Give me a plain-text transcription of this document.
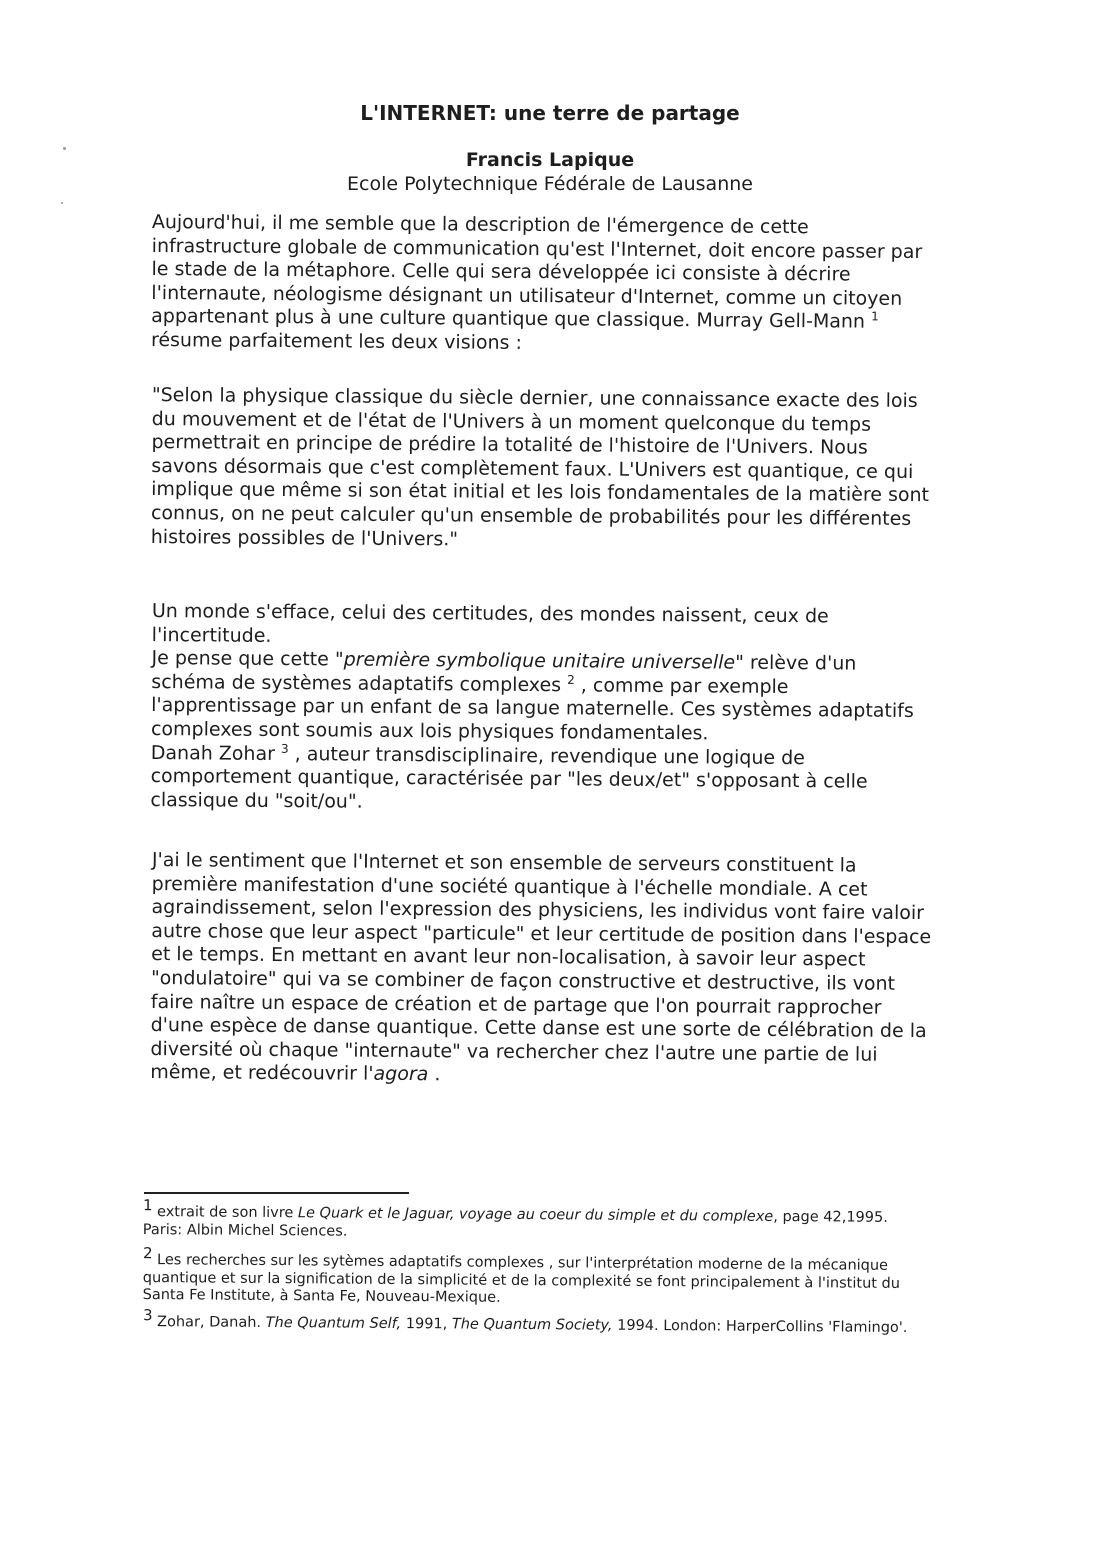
L'INTERNET: une terre de partage
Francis Lapique
Ecole Polytechnique Fédérale de Lausanne

Aujourd'hui, il me semble que la description de l'émergence de cette infrastructure globale de communication qu'est l'Internet, doit encore passer par le stade de la métaphore. Celle qui sera développée ici consiste à décrire l'internaute, néologisme désignant un utilisateur d'Internet, comme un citoyen appartenant plus à une culture quantique que classique. Murray Gell-Mann $^1$ résume parfaitement les deux visions :

"Selon la physique classique du siècle dernier, une connaissance exacte des lois du mouvement et de l'état de l'Univers à un moment quelconque du temps permettrait en principe de prédire la totalité de l'histoire de l'Univers. Nous savons désormais que c'est complètement faux. L'Univers est quantique, ce qui implique que même si son état initial et les lois fondamentales de la matière sont connus, on ne peut calculer qu'un ensemble de probabilités pour les différentes histoires possibles de l'Univers."

Un monde s'efface, celui des certitudes, des mondes naissent, ceux de l'incertitude.
Je pense que cette "première symbolique unitaire universelle" relève d'un schéma de systèmes adaptatifs complexes $^2$ , comme par exemple l'apprentissage par un enfant de sa langue maternelle. Ces systèmes adaptatifs complexes sont soumis aux lois physiques fondamentales.
Danah Zohar $^3$ , auteur transdisciplinaire, revendique une logique de comportement quantique, caractérisée par "les deux/et" s'opposant à celle classique du "soit/ou".

J'ai le sentiment que l'Internet et son ensemble de serveurs constituent la première manifestation d'une société quantique à l'échelle mondiale. A cet agraindissement, selon l'expression des physiciens, les individus vont faire valoir autre chose que leur aspect "particule" et leur certitude de position dans l'espace et le temps. En mettant en avant leur non-localisation, à savoir leur aspect "ondulatoire" qui va se combiner de façon constructive et destructive, ils vont faire naître un espace de création et de partage que l'on pourrait rapprocher d'une espèce de danse quantique. Cette danse est une sorte de célébration de la diversité où chaque "internaute" va rechercher chez l'autre une partie de lui même, et redécouvrir l'agora .

$^1$ extrait de son livre Le Quark et le Jaguar, voyage au coeur du simple et du complexe, page 42,1995. Paris: Albin Michel Sciences.

$^2$ Les recherches sur les sytèmes adaptatifs complexes , sur l'interprétation moderne de la mécanique quantique et sur la signification de la simplicité et de la complexité se font principalement à l'institut du Santa Fe Institute, à Santa Fe, Nouveau-Mexique.

$^3$ Zohar, Danah. The Quantum Self, 1991, The Quantum Society, 1994. London: HarperCollins 'Flamingo'.
